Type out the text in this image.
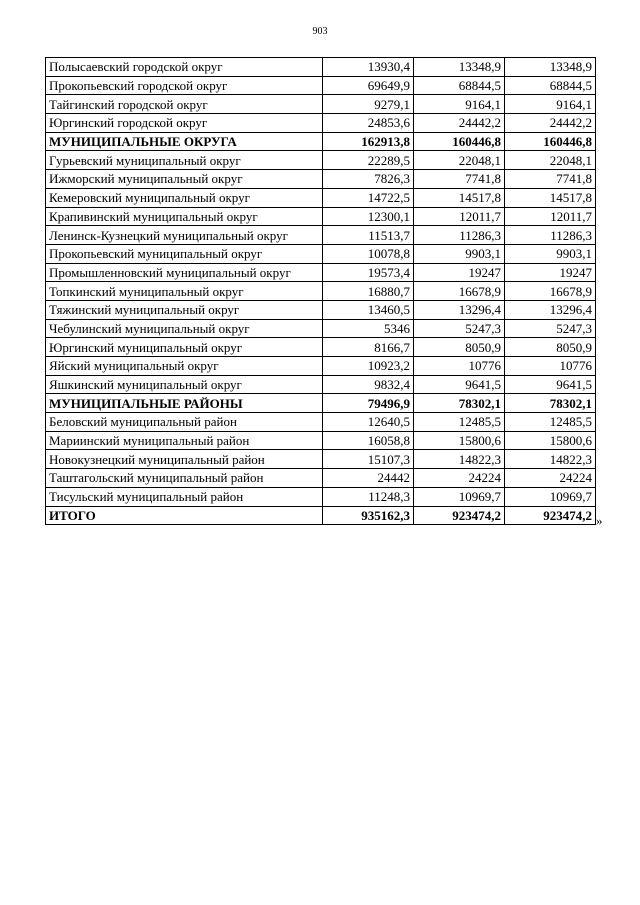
903
Полысаевский городской округ	13930,4	13348,9	13348,9
Прокопьевский городской округ	69649,9	68844,5	68844,5
Тайгинский городской округ	9279,1	9164,1	9164,1
Юргинский городской округ	24853,6	24442,2	24442,2
МУНИЦИПАЛЬНЫЕ ОКРУГА	162913,8	160446,8	160446,8
Гурьевский муниципальный округ	22289,5	22048,1	22048,1
Ижморский муниципальный округ	7826,3	7741,8	7741,8
Кемеровский муниципальный округ	14722,5	14517,8	14517,8
Крапивинский муниципальный округ	12300,1	12011,7	12011,7
Ленинск-Кузнецкий муниципальный округ	11513,7	11286,3	11286,3
Прокопьевский муниципальный округ	10078,8	9903,1	9903,1
Промышленновский муниципальный округ	19573,4	19247	19247
Топкинский муниципальный округ	16880,7	16678,9	16678,9
Тяжинский муниципальный округ	13460,5	13296,4	13296,4
Чебулинский муниципальный округ	5346	5247,3	5247,3
Юргинский муниципальный округ	8166,7	8050,9	8050,9
Яйский муниципальный округ	10923,2	10776	10776
Яшкинский муниципальный округ	9832,4	9641,5	9641,5
МУНИЦИПАЛЬНЫЕ РАЙОНЫ	79496,9	78302,1	78302,1
Беловский муниципальный район	12640,5	12485,5	12485,5
Мариинский муниципальный район	16058,8	15800,6	15800,6
Новокузнецкий муниципальный район	15107,3	14822,3	14822,3
Таштагольский муниципальный район	24442	24224	24224
Тисульский муниципальный район	11248,3	10969,7	10969,7
ИТОГО	935162,3	923474,2	923474,2 »
